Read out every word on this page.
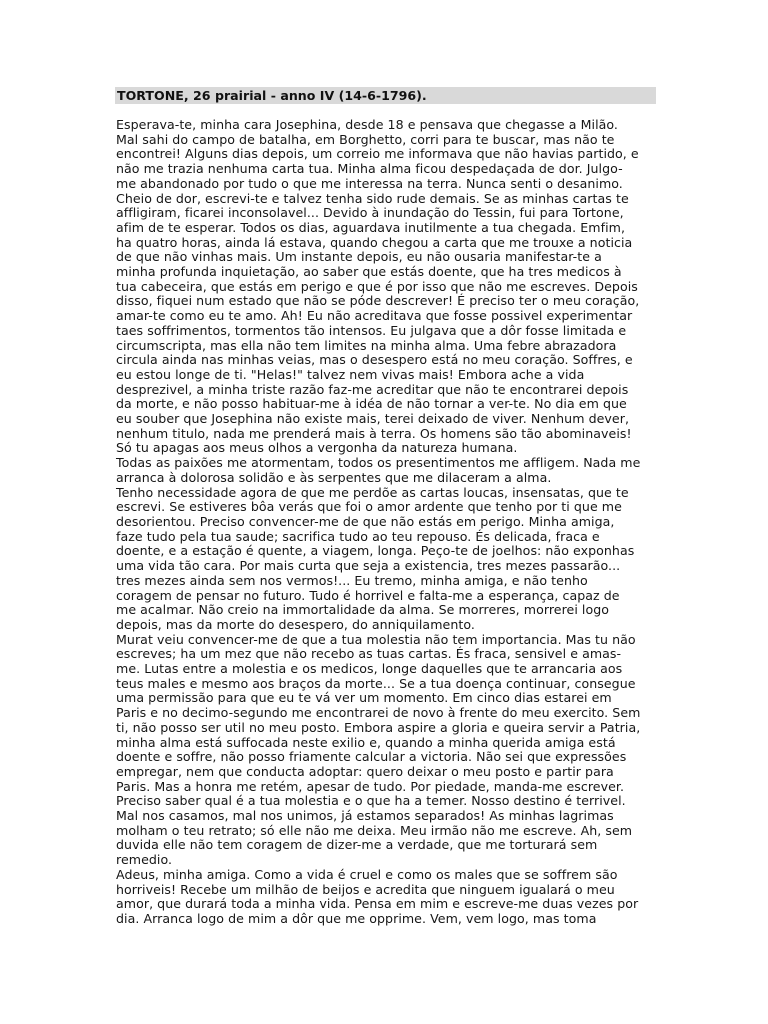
TORTONE, 26 prairial - anno IV (14-6-1796).
Esperava-te, minha cara Josephina, desde 18 e pensava que chegasse a Milão.
Mal sahi do campo de batalha, em Borghetto, corri para te buscar, mas não te
encontrei! Alguns dias depois, um correio me informava que não havias partido, e
não me trazia nenhuma carta tua. Minha alma ficou despedaçada de dor. Julgo-
me abandonado por tudo o que me interessa na terra. Nunca senti o desanimo.
Cheio de dor, escrevi-te e talvez tenha sido rude demais. Se as minhas cartas te
affligiram, ficarei inconsolavel... Devido à inundação do Tessin, fui para Tortone,
afim de te esperar. Todos os dias, aguardava inutilmente a tua chegada. Emfim,
ha quatro horas, ainda lá estava, quando chegou a carta que me trouxe a noticia
de que não vinhas mais. Um instante depois, eu não ousaria manifestar-te a
minha profunda inquietação, ao saber que estás doente, que ha tres medicos à
tua cabeceira, que estás em perigo e que é por isso que não me escreves. Depois
disso, fiquei num estado que não se póde descrever! É preciso ter o meu coração,
amar-te como eu te amo. Ah! Eu não acreditava que fosse possivel experimentar
taes soffrimentos, tormentos tão intensos. Eu julgava que a dôr fosse limitada e
circumscripta, mas ella não tem limites na minha alma. Uma febre abrazadora
circula ainda nas minhas veias, mas o desespero está no meu coração. Soffres, e
eu estou longe de ti. "Helas!" talvez nem vivas mais! Embora ache a vida
desprezivel, a minha triste razão faz-me acreditar que não te encontrarei depois
da morte, e não posso habituar-me à idéa de não tornar a ver-te. No dia em que
eu souber que Josephina não existe mais, terei deixado de viver. Nenhum dever,
nenhum titulo, nada me prenderá mais à terra. Os homens são tão abominaveis!
Só tu apagas aos meus olhos a vergonha da natureza humana.
Todas as paixões me atormentam, todos os presentimentos me affligem. Nada me
arranca à dolorosa solidão e às serpentes que me dilaceram a alma.
Tenho necessidade agora de que me perdõe as cartas loucas, insensatas, que te
escrevi. Se estiveres bôa verás que foi o amor ardente que tenho por ti que me
desorientou. Preciso convencer-me de que não estás em perigo. Minha amiga,
faze tudo pela tua saude; sacrifica tudo ao teu repouso. És delicada, fraca e
doente, e a estação é quente, a viagem, longa. Peço-te de joelhos: não exponhas
uma vida tão cara. Por mais curta que seja a existencia, tres mezes passarão...
tres mezes ainda sem nos vermos!... Eu tremo, minha amiga, e não tenho
coragem de pensar no futuro. Tudo é horrivel e falta-me a esperança, capaz de
me acalmar. Não creio na immortalidade da alma. Se morreres, morrerei logo
depois, mas da morte do desespero, do anniquilamento.
Murat veiu convencer-me de que a tua molestia não tem importancia. Mas tu não
escreves; ha um mez que não recebo as tuas cartas. És fraca, sensivel e amas-
me. Lutas entre a molestia e os medicos, longe daquelles que te arrancaria aos
teus males e mesmo aos braços da morte... Se a tua doença continuar, consegue
uma permissão para que eu te vá ver um momento. Em cinco dias estarei em
Paris e no decimo-segundo me encontrarei de novo à frente do meu exercito. Sem
ti, não posso ser util no meu posto. Embora aspire a gloria e queira servir a Patria,
minha alma está suffocada neste exilio e, quando a minha querida amiga está
doente e soffre, não posso friamente calcular a victoria. Não sei que expressões
empregar, nem que conducta adoptar: quero deixar o meu posto e partir para
Paris. Mas a honra me retém, apesar de tudo. Por piedade, manda-me escrever.
Preciso saber qual é a tua molestia e o que ha a temer. Nosso destino é terrivel.
Mal nos casamos, mal nos unimos, já estamos separados! As minhas lagrimas
molham o teu retrato; só elle não me deixa. Meu irmão não me escreve. Ah, sem
duvida elle não tem coragem de dizer-me a verdade, que me torturará sem
remedio.
Adeus, minha amiga. Como a vida é cruel e como os males que se soffrem são
horriveis! Recebe um milhão de beijos e acredita que ninguem igualará o meu
amor, que durará toda a minha vida. Pensa em mim e escreve-me duas vezes por
dia. Arranca logo de mim a dôr que me opprime. Vem, vem logo, mas toma
